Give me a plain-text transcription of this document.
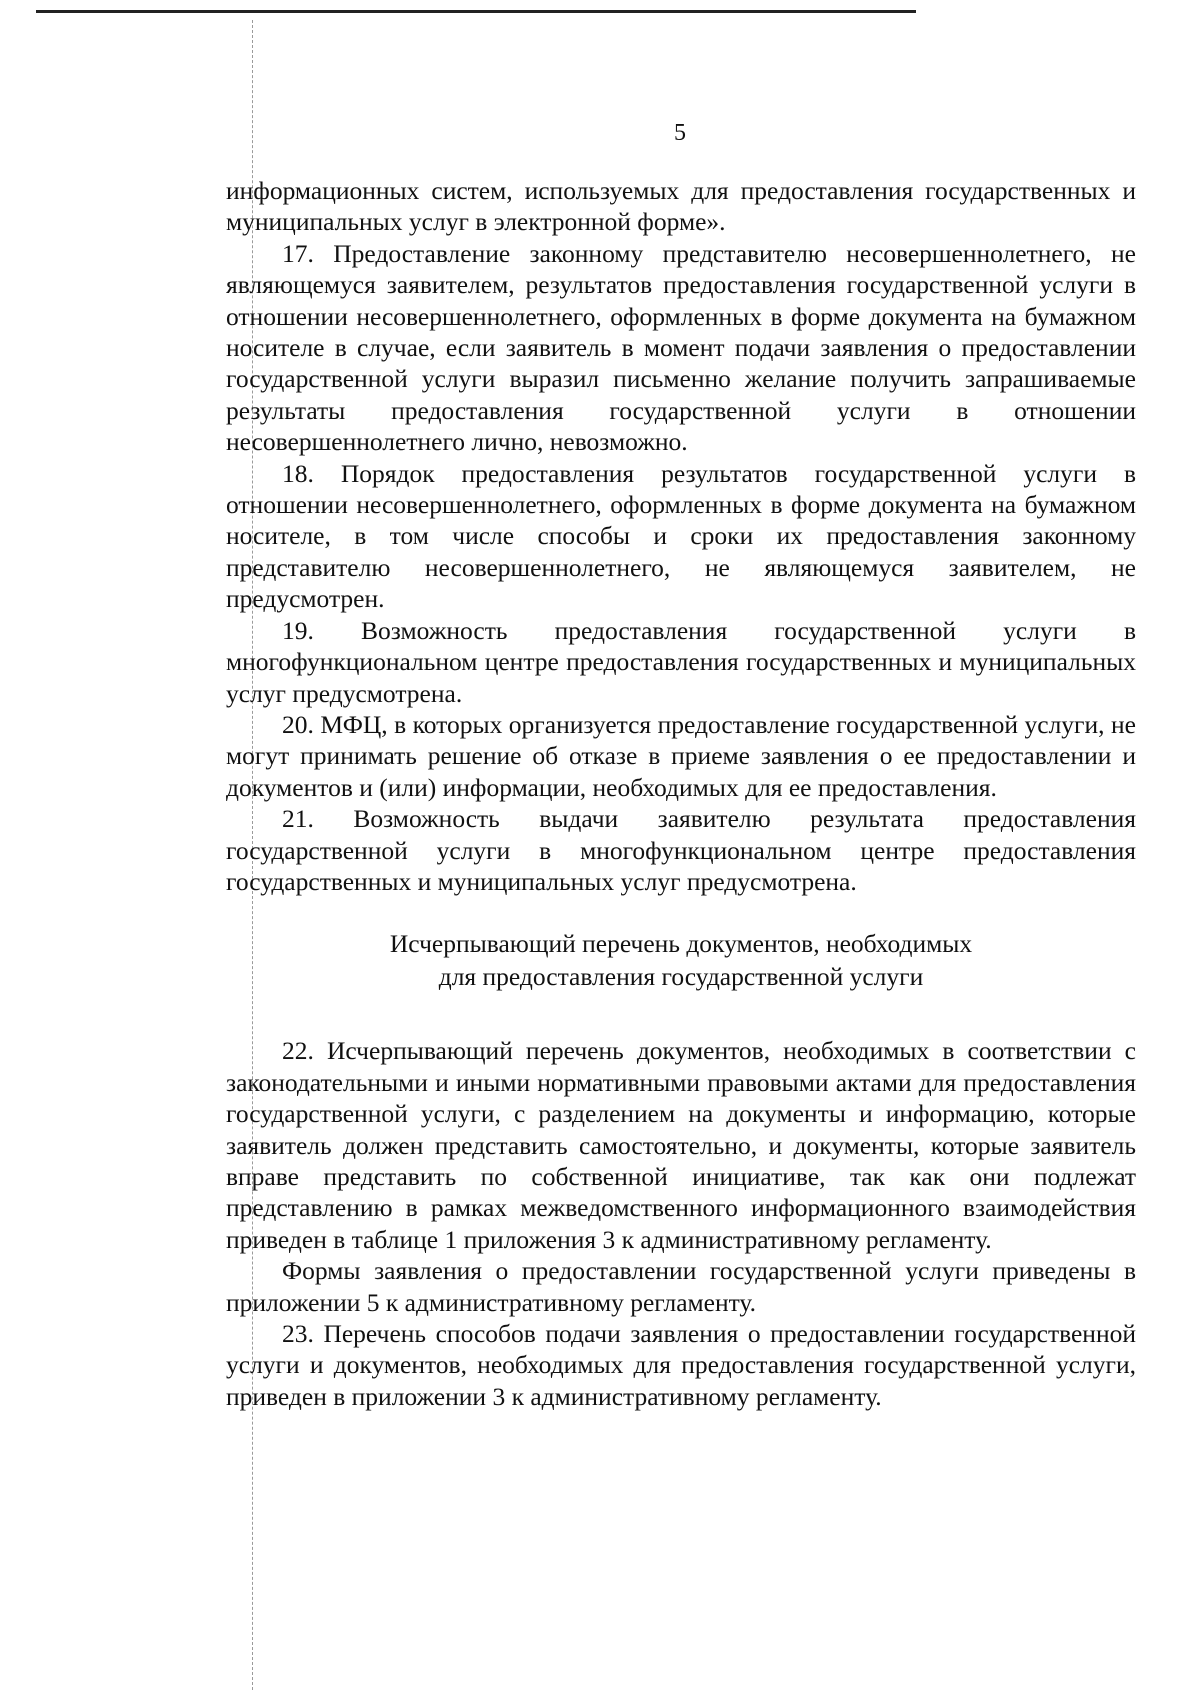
5

информационных систем, используемых для предоставления государственных и муниципальных услуг в электронной форме».

17. Предоставление законному представителю несовершеннолетнего, не являющемуся заявителем, результатов предоставления государственной услуги в отношении несовершеннолетнего, оформленных в форме документа на бумажном носителе в случае, если заявитель в момент подачи заявления о предоставлении государственной услуги выразил письменно желание получить запрашиваемые результаты предоставления государственной услуги в отношении несовершеннолетнего лично, невозможно.

18. Порядок предоставления результатов государственной услуги в отношении несовершеннолетнего, оформленных в форме документа на бумажном носителе, в том числе способы и сроки их предоставления законному представителю несовершеннолетнего, не являющемуся заявителем, не предусмотрен.

19. Возможность предоставления государственной услуги в многофункциональном центре предоставления государственных и муниципальных услуг предусмотрена.

20. МФЦ, в которых организуется предоставление государственной услуги, не могут принимать решение об отказе в приеме заявления о ее предоставлении и документов и (или) информации, необходимых для ее предоставления.

21. Возможность выдачи заявителю результата предоставления государственной услуги в многофункциональном центре предоставления государственных и муниципальных услуг предусмотрена.

Исчерпывающий перечень документов, необходимых
для предоставления государственной услуги

22. Исчерпывающий перечень документов, необходимых в соответствии с законодательными и иными нормативными правовыми актами для предоставления государственной услуги, с разделением на документы и информацию, которые заявитель должен представить самостоятельно, и документы, которые заявитель вправе представить по собственной инициативе, так как они подлежат представлению в рамках межведомственного информационного взаимодействия приведен в таблице 1 приложения 3 к административному регламенту.

Формы заявления о предоставлении государственной услуги приведены в приложении 5 к административному регламенту.

23. Перечень способов подачи заявления о предоставлении государственной услуги и документов, необходимых для предоставления государственной услуги, приведен в приложении 3 к административному регламенту.
